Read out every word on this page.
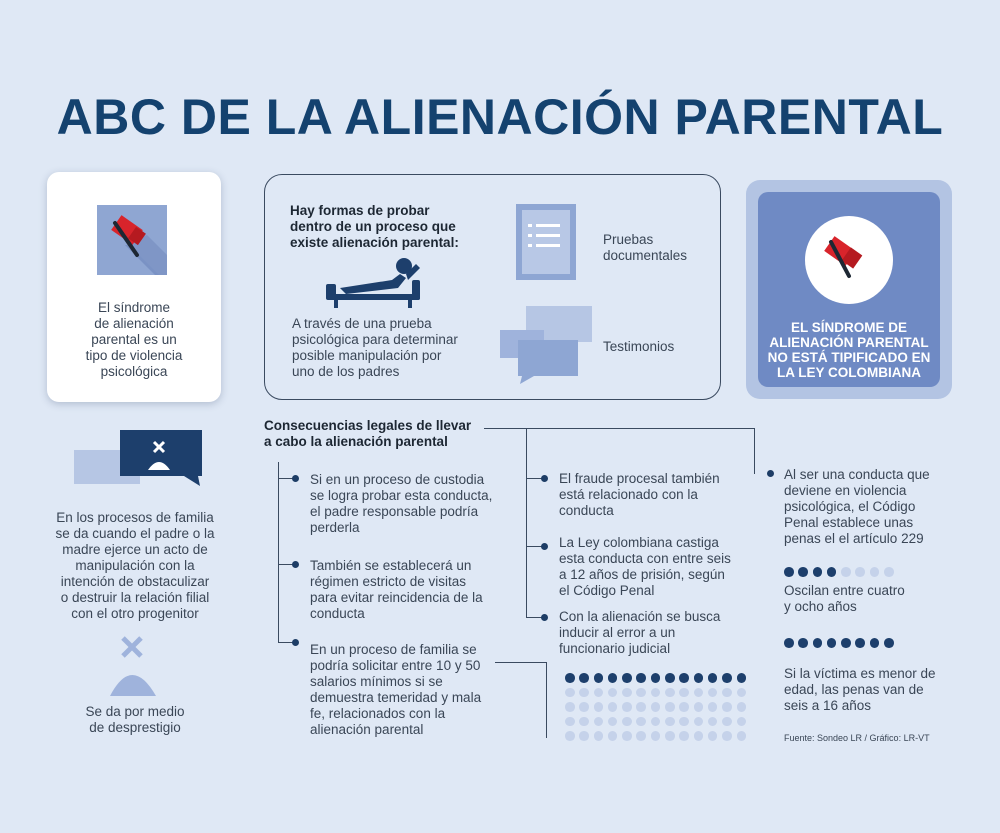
ABC DE LA ALIENACIÓN PARENTAL
El síndrome
de alienación
parental es un
tipo de violencia
psicológica
En los procesos de familia
se da cuando el padre o la
madre ejerce un acto de
manipulación con la
intención de obstaculizar
o destruir la relación filial
con el otro progenitor
Se da por medio
de desprestigio
Hay formas de probar
dentro de un proceso que
existe alienación parental:
A través de una prueba
psicológica para determinar
posible manipulación por
uno de los padres
Pruebas
documentales
Testimonios
EL SÍNDROME DE
ALIENACIÓN PARENTAL
NO ESTÁ TIPIFICADO EN
LA LEY COLOMBIANA
Consecuencias legales de llevar
a cabo la alienación parental
Si en un proceso de custodia
se logra probar esta conducta,
el padre responsable podría
perderla
También se establecerá un
régimen estricto de visitas
para evitar reincidencia de la
conducta
En un proceso de familia se
podría solicitar entre 10 y 50
salarios mínimos si se
demuestra temeridad y mala
fe, relacionados con la
alienación parental
El fraude procesal también
está relacionado con la
conducta
La Ley colombiana castiga
esta conducta con entre seis
a 12 años de prisión, según
el Código Penal
Con la alienación se busca
inducir al error a un
funcionario judicial
Al ser una conducta que
deviene en violencia
psicológica, el Código
Penal establece unas
penas el el artículo 229
Oscilan entre cuatro
y ocho años
Si la víctima es menor de
edad, las penas van de
seis a 16 años
Fuente: Sondeo LR / Gráfico: LR-VT
